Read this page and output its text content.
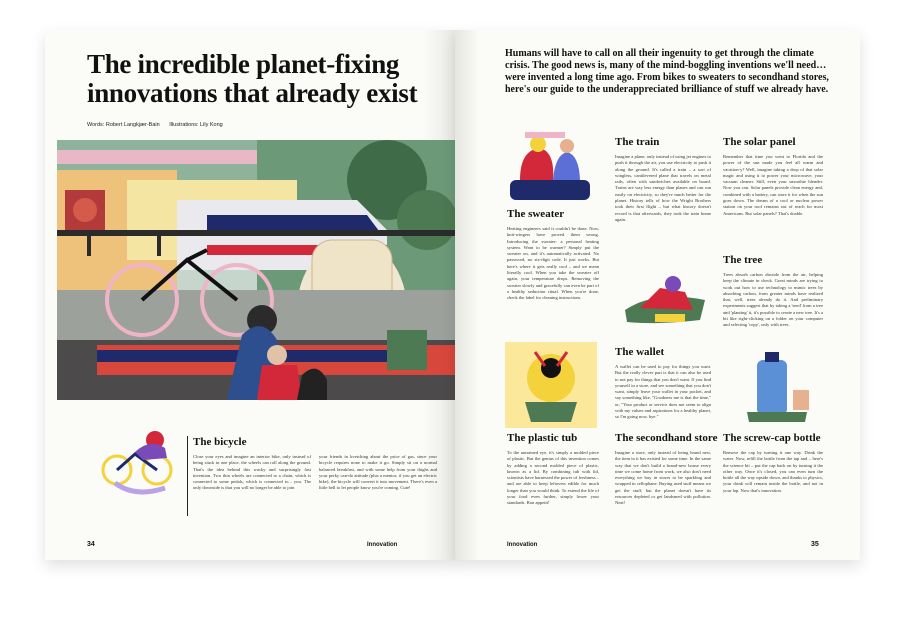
The incredible planet-fixing innovations that already exist
Words: Robert Langkjær-Bain Illustrations: Lily Kong
The bicycle

Close your eyes and imagine an interior bike, only instead of being stuck in one place, the wheels can roll along the ground. That's the idea behind this wacky and surprisingly fast invention. Two thin wheels are connected to a chain, which is connected to some pedals, which is connected to... you. The only downside is that you will no longer be able to join

your friends in kvetching about the price of gas, since your bicycle requires none to make it go. Simply sit on a normal balanced breakfast, and with some help from your thighs and your perky can-do attitude (plus a mentor, if you get an electric bike), the bicycle will convert it into movement. There's even a little bell to let people know you're coming. Cute!

34	Innovation

Humans will have to call on all their ingenuity to get through the climate crisis. The good news is, many of the mind-boggling inventions we'll need… were invented a long time ago. From bikes to sweaters to secondhand stores, here's our guide to the underappreciated brilliance of stuff we already have.

The sweater

Heating engineers said it couldn't be done. Now, knit-wingers have proved them wrong. Introducing the sweater: a personal heating system. Want to be warmer? Simply put the sweater on, and it's automatically activated. No password, no six-digit code. It just works. But here's where it gets really cool – and we mean literally cool. When you take the sweater off again, your temperature drops. Removing the sweater slowly and gracefully can even be part of a healthy seduction ritual. When you're done, check the label for cleaning instructions.

The plastic tub

To the untrained eye, it's simply a molded piece of plastic. But the genius of this invention comes by adding a second molded piece of plastic, known as a lid. By combining tub with lid, scientists have harnessed the power of freshness... and are able to keep leftovers edible for much longer than you would think. To extend the life of your food even further, simply lower your standards. Bon appetit!

The train

Imagine a plane, only instead of using jet engines to push it through the air, you use electricity to push it along the ground. It's called a train – a sort of wingless, cantilevered plane that travels on metal rails, often with sandwiches available on board. Trains are way less energy than planes and can run easily on electricity, so they're much better for the planet. History tells of how the Wright Brothers took their first flight – but what history doesn't record is that afterwards, they took the train home again.

The wallet

A wallet can be used to pay for things you want. But the really clever part is that it can also be used to not pay for things that you don't want. If you find yourself in a store, and see something that you don't want, simply leave your wallet in your pocket, and say something like, "Goodness me is that the time," or, "Your product or service does not seem to align with my values and aspirations for a healthy planet, so I'm going now, bye."

The secondhand store

Imagine a store, only instead of being brand new, the item in it has existed for some time. In the same way that we don't build a brand-new house every time we come home from work, we also don't need everything we buy in stores to be sparkling and wrapped in cellophane. Buying used stuff means we get the stuff, but the planet doesn't have its resources depleted or get landsmed with pollution. Neat!

The solar panel

Remember that time you went to Florida and the power of the sun made you feel all warm and vacation-y? Well, imagine taking a drop of that solar magic and using it to power your microwave, your vacuum cleaner. Still, even your smoothie blender. Now you can. Solar panels provide clean energy and, combined with a battery, can store it for when the sun goes down. The dream of a cool or nuclear power station on your roof remains out of reach for most Americans. But solar panels? That's doable.

The tree

Trees absorb carbon dioxide from the air, helping keep the climate in check. Great minds are trying to work out how to use technology to mimic trees by absorbing carbon, from greater minds have realized that, well, trees already do it. And preliminary experiments suggest that by taking a 'seed' from a tree and 'planting' it, it's possible to create a new tree. It's a bit like right-clicking on a folder on your computer and selecting 'copy', only with trees.

The screw-cap bottle

Remove the cap by turning it one way. Drink the water. Now, refill the bottle from the tap and – here's the science bit – put the cap back on by turning it the other way. Once it's closed, you can even turn the bottle all the way upside down, and thanks to physics, your drink will remain inside the bottle, and not in your lap. Now that's innovation.

Innovation	35
